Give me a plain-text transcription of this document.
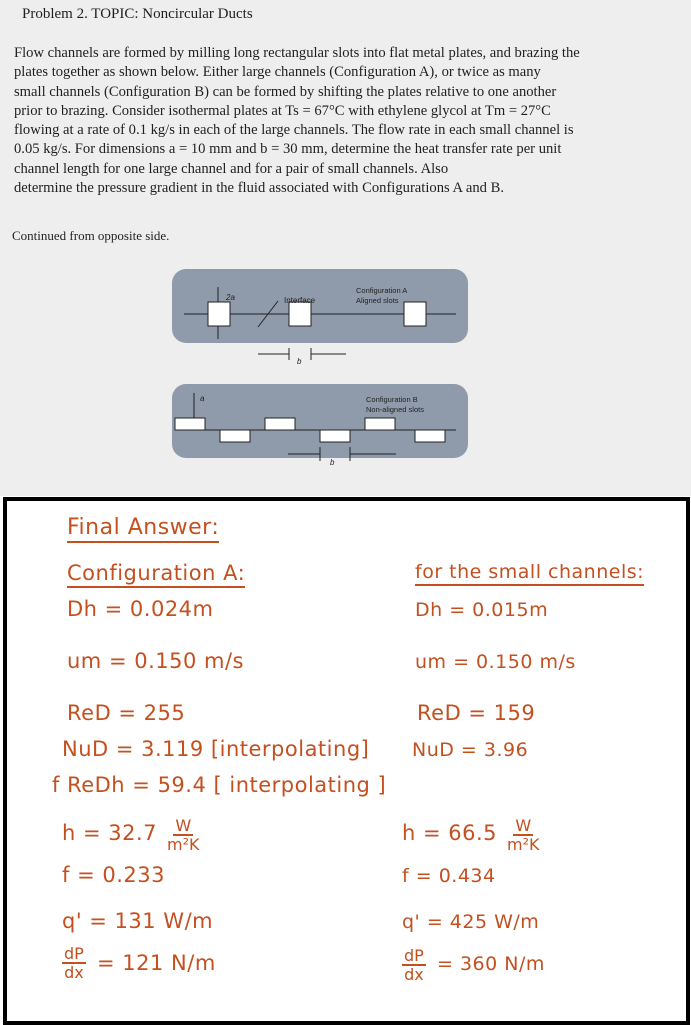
Problem 2. TOPIC: Noncircular Ducts

Flow channels are formed by milling long rectangular slots into flat metal plates, and brazing the
plates together as shown below. Either large channels (Configuration A), or twice as many
small channels (Configuration B) can be formed by shifting the plates relative to one another
prior to brazing. Consider isothermal plates at Ts = 67°C with ethylene glycol at Tm = 27°C
flowing at a rate of 0.1 kg/s in each of the large channels. The flow rate in each small channel is
0.05 kg/s. For dimensions a = 10 mm and b = 30 mm, determine the heat transfer rate per unit
channel length for one large channel and for a pair of small channels. Also
determine the pressure gradient in the fluid associated with Configurations A and B.

Continued from opposite side.
2a	Interface
Configuration A
Aligned slots
b
a	Configuration B
Non-aligned slots
b
Final Answer:
Configuration A:
Dh = 0.024m
um = 0.150 m/s
ReD = 255
NuD = 3.119 [interpolating]
f ReDh = 59.4 [ interpolating ]
$h = 32.7 \frac{W}{\text{m²K}}$
f = 0.233
q' = 131 W/m
$\frac{dP}{dx} = 121$ N/m
for the small channels:
Dh = 0.015m
um = 0.150 m/s
ReD = 159
NuD = 3.96
$h = 66.5 \frac{W}{\text{m²K}}$
f = 0.434
q' = 425 W/m
$\frac{dP}{dx} = 360$ N/m
